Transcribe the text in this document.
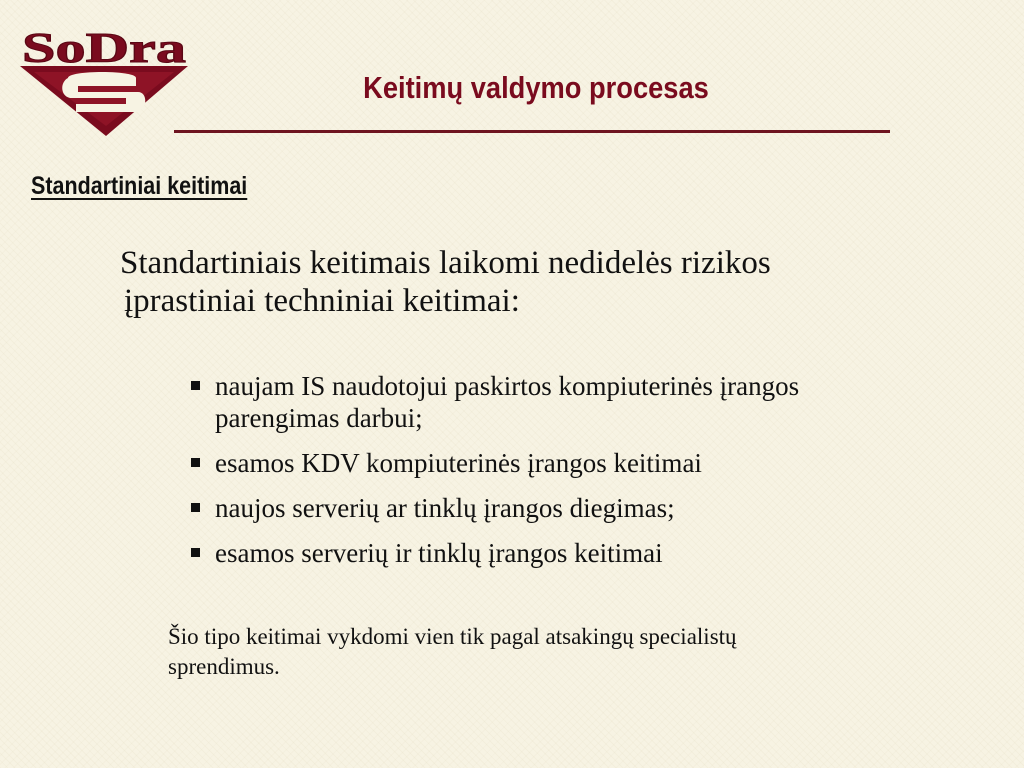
SoDra
Keitimų valdymo procesas
Standartiniai keitimai

Standartiniais keitimais laikomi nedidelės rizikos
įprastiniai techniniai keitimai:

naujam IS naudotojui paskirtos kompiuterinės įrangos
parengimas darbui;
esamos KDV kompiuterinės įrangos keitimai
naujos serverių ar tinklų įrangos diegimas;
esamos serverių ir tinklų įrangos keitimai

Šio tipo keitimai vykdomi vien tik pagal atsakingų specialistų
sprendimus.
